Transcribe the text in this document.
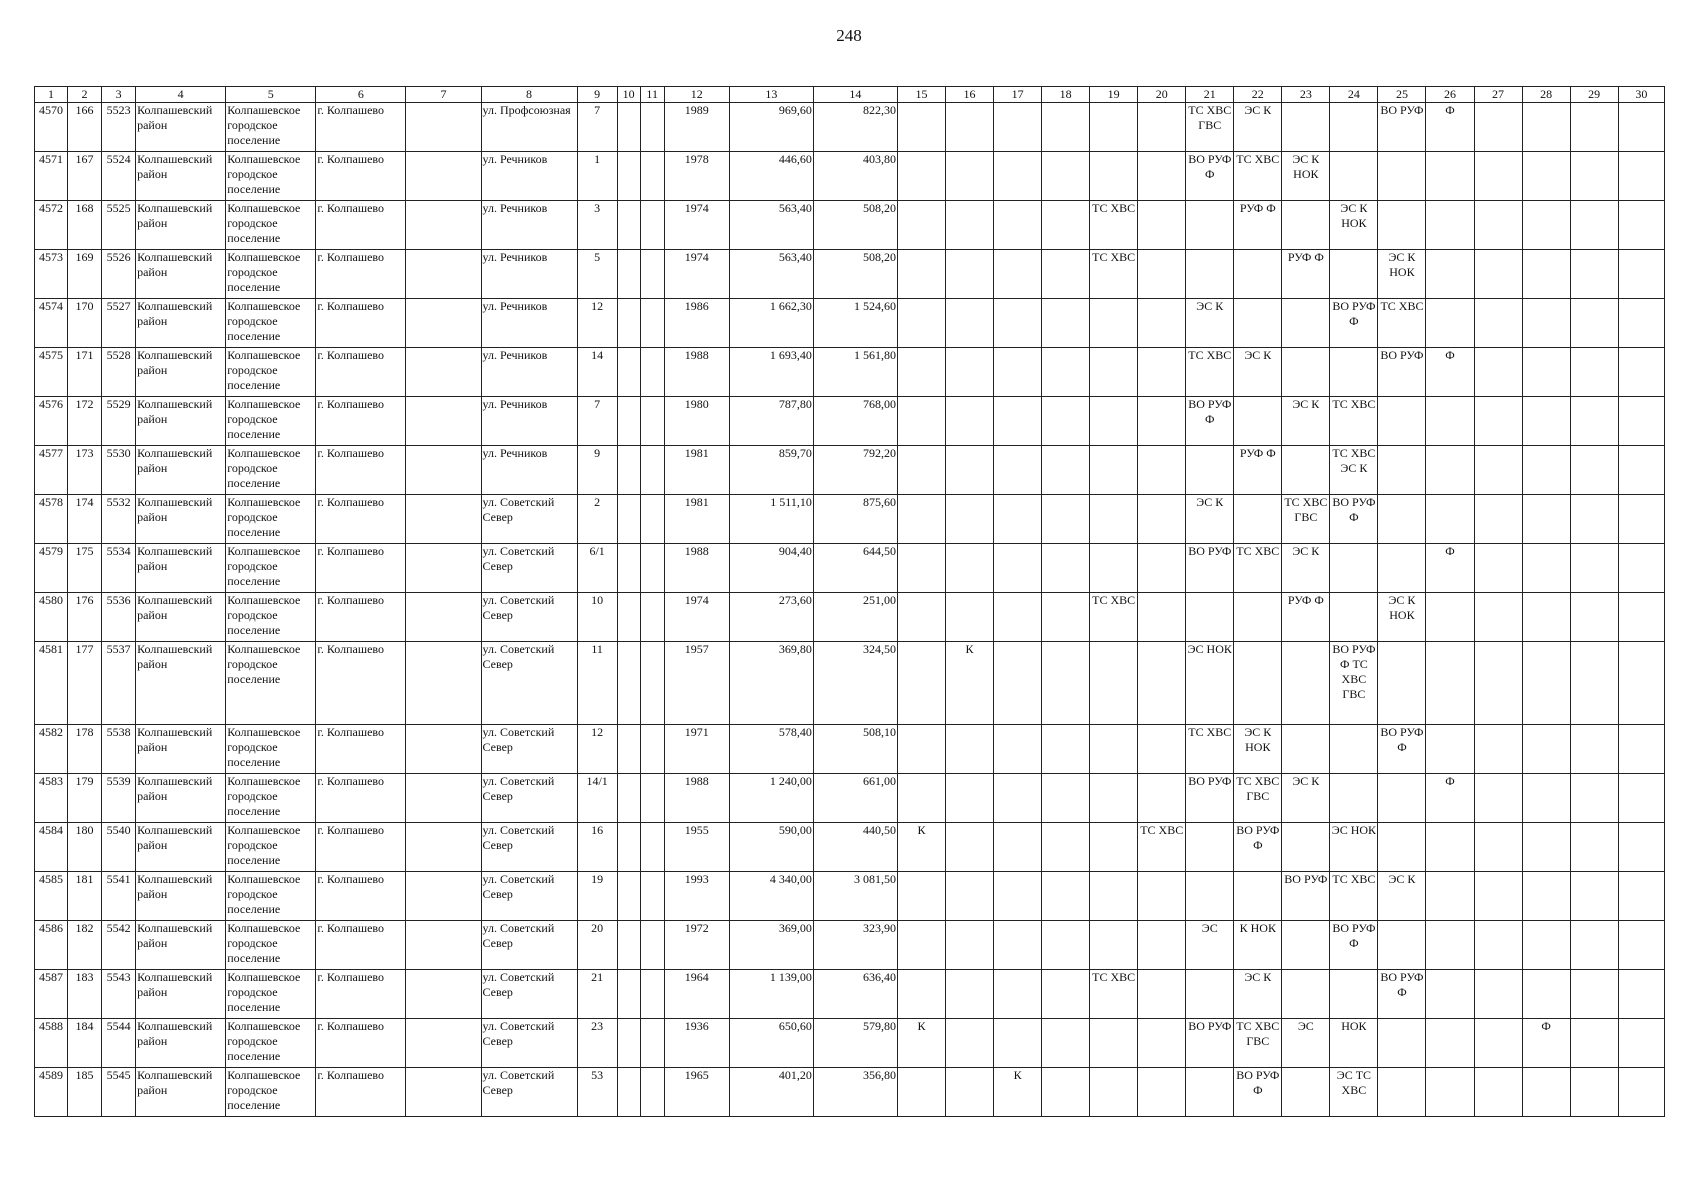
248
1	2	3	4	5	6	7	8	9	10	11	12	13	14	15	16	17	18	19	20	21	22	23	24	25	26	27	28	29	30
4570	166	5523	Колпашевский район	Колпашевское городское поселение	г. Колпашево		ул. Профсоюзная	7			1989	969,60	822,30							ТС ХВС ГВС	ЭС К			ВО РУФ	Ф				
4571	167	5524	Колпашевский район	Колпашевское городское поселение	г. Колпашево		ул. Речников	1			1978	446,60	403,80							ВО РУФ Ф	ТС ХВС	ЭС К НОК							
4572	168	5525	Колпашевский район	Колпашевское городское поселение	г. Колпашево		ул. Речников	3			1974	563,40	508,20					ТС ХВС			РУФ Ф		ЭС К НОК						
4573	169	5526	Колпашевский район	Колпашевское городское поселение	г. Колпашево		ул. Речников	5			1974	563,40	508,20					ТС ХВС				РУФ Ф		ЭС К НОК					
4574	170	5527	Колпашевский район	Колпашевское городское поселение	г. Колпашево		ул. Речников	12			1986	1 662,30	1 524,60							ЭС К			ВО РУФ Ф	ТС ХВС					
4575	171	5528	Колпашевский район	Колпашевское городское поселение	г. Колпашево		ул. Речников	14			1988	1 693,40	1 561,80							ТС ХВС	ЭС К			ВО РУФ	Ф				
4576	172	5529	Колпашевский район	Колпашевское городское поселение	г. Колпашево		ул. Речников	7			1980	787,80	768,00							ВО РУФ Ф		ЭС К	ТС ХВС						
4577	173	5530	Колпашевский район	Колпашевское городское поселение	г. Колпашево		ул. Речников	9			1981	859,70	792,20								РУФ Ф		ТС ХВС ЭС К						
4578	174	5532	Колпашевский район	Колпашевское городское поселение	г. Колпашево		ул. Советский Север	2			1981	1 511,10	875,60							ЭС К		ТС ХВС ГВС	ВО РУФ Ф						
4579	175	5534	Колпашевский район	Колпашевское городское поселение	г. Колпашево		ул. Советский Север	6/1			1988	904,40	644,50							ВО РУФ	ТС ХВС	ЭС К			Ф				
4580	176	5536	Колпашевский район	Колпашевское городское поселение	г. Колпашево		ул. Советский Север	10			1974	273,60	251,00					ТС ХВС				РУФ Ф		ЭС К НОК					
4581	177	5537	Колпашевский район	Колпашевское городское поселение	г. Колпашево		ул. Советский Север	11			1957	369,80	324,50		К					ЭС НОК			ВО РУФ Ф ТС ХВС ГВС						
4582	178	5538	Колпашевский район	Колпашевское городское поселение	г. Колпашево		ул. Советский Север	12			1971	578,40	508,10							ТС ХВС	ЭС К НОК			ВО РУФ Ф					
4583	179	5539	Колпашевский район	Колпашевское городское поселение	г. Колпашево		ул. Советский Север	14/1			1988	1 240,00	661,00							ВО РУФ	ТС ХВС ГВС	ЭС К			Ф				
4584	180	5540	Колпашевский район	Колпашевское городское поселение	г. Колпашево		ул. Советский Север	16			1955	590,00	440,50	К					ТС ХВС		ВО РУФ Ф		ЭС НОК						
4585	181	5541	Колпашевский район	Колпашевское городское поселение	г. Колпашево		ул. Советский Север	19			1993	4 340,00	3 081,50									ВО РУФ	ТС ХВС	ЭС К					
4586	182	5542	Колпашевский район	Колпашевское городское поселение	г. Колпашево		ул. Советский Север	20			1972	369,00	323,90							ЭС	К НОК		ВО РУФ Ф						
4587	183	5543	Колпашевский район	Колпашевское городское поселение	г. Колпашево		ул. Советский Север	21			1964	1 139,00	636,40					ТС ХВС			ЭС К			ВО РУФ Ф					
4588	184	5544	Колпашевский район	Колпашевское городское поселение	г. Колпашево		ул. Советский Север	23			1936	650,60	579,80	К						ВО РУФ	ТС ХВС ГВС	ЭС	НОК				Ф		
4589	185	5545	Колпашевский район	Колпашевское городское поселение	г. Колпашево		ул. Советский Север	53			1965	401,20	356,80			К					ВО РУФ Ф		ЭС ТС ХВС						
